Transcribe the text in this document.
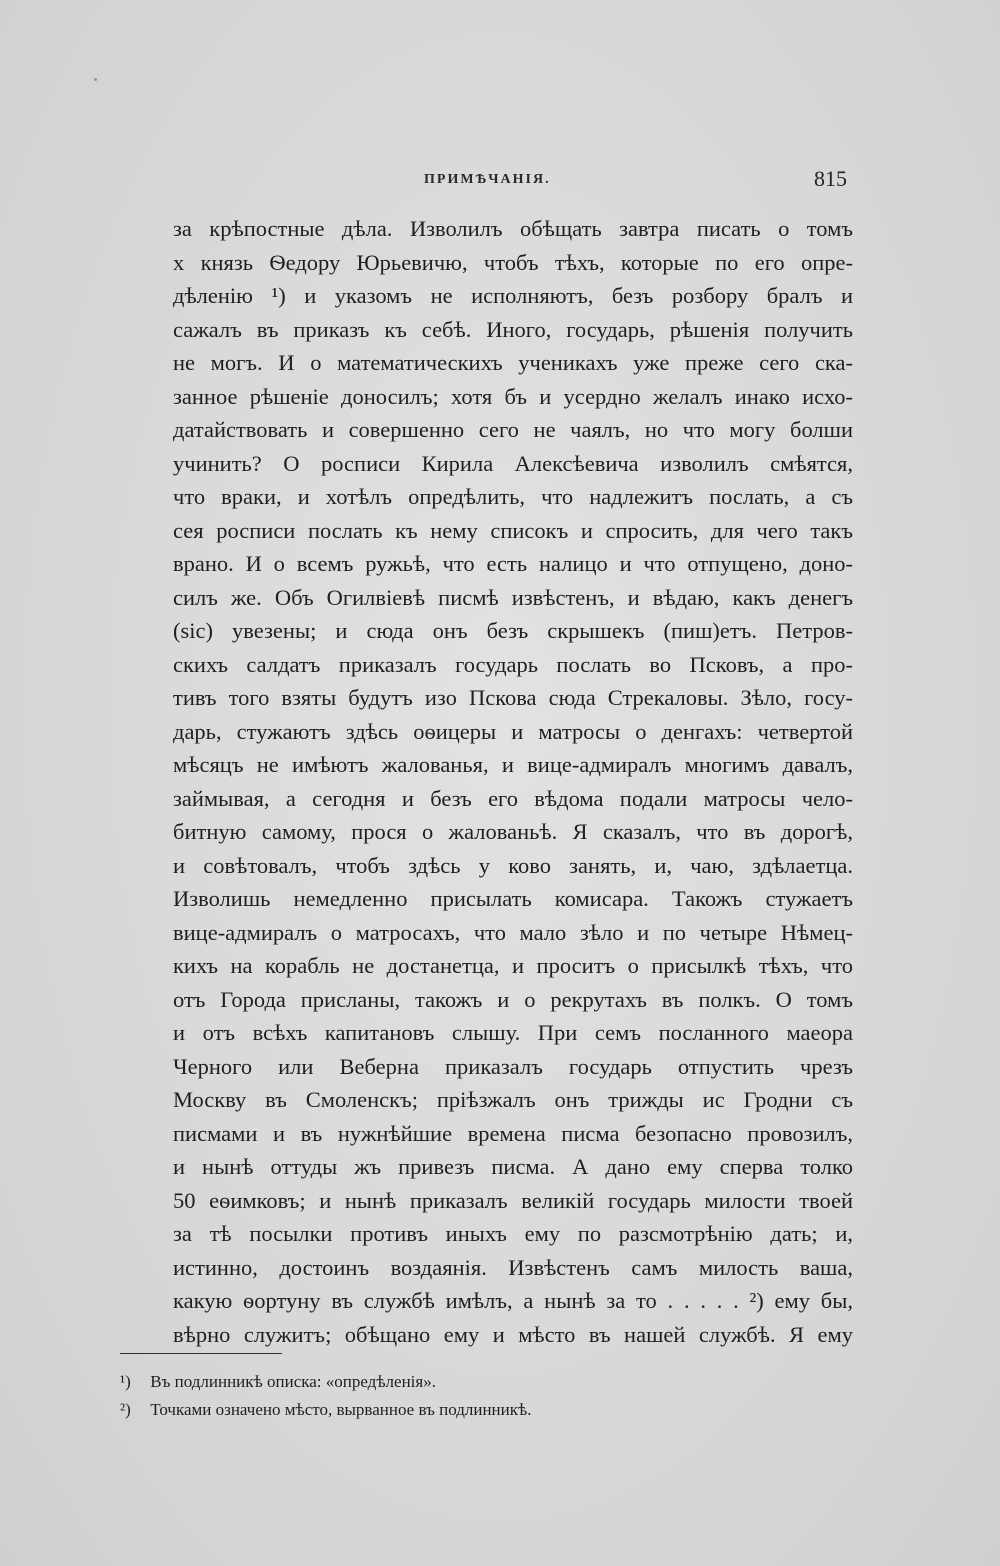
ПРИМѢЧАНІЯ.	815
за крѣпостные дѣла. Изволилъ обѣщать завтра писать о томъ
х князь Ѳедору Юрьевичю, чтобъ тѣхъ, которые по его опре-
дѣленію ¹) и указомъ не исполняютъ, безъ розбору бралъ и
сажалъ въ приказъ къ себѣ. Иного, государь, рѣшенія получить
не могъ. И о математическихъ ученикахъ уже преже сего ска-
занное рѣшеніе доносилъ; хотя бъ и усердно желалъ инако исхо-
датайствовать и совершенно сего не чаялъ, но что могу болши
учинить? О росписи Кирила Алексѣевича изволилъ смѣятся,
что враки, и хотѣлъ опредѣлить, что надлежитъ послать, а съ
сея росписи послать къ нему списокъ и спросить, для чего такъ
врано. И о всемъ ружьѣ, что есть налицо и что отпущено, доно-
силъ же. Объ Огилвіевѣ писмѣ извѣстенъ, и вѣдаю, какъ денегъ
(sic) увезены; и сюда онъ безъ скрышекъ (пиш)етъ. Петров-
скихъ салдатъ приказалъ государь послать во Псковъ, а про-
тивъ того взяты будутъ изо Пскова сюда Стрекаловы. Зѣло, госу-
дарь, стужаютъ здѣсь оѳицеры и матросы о денгахъ: четвертой
мѣсяцъ не имѣютъ жалованья, и вице-адмиралъ многимъ давалъ,
займывая, а сегодня и безъ его вѣдома подали матросы чело-
битную самому, прося о жалованьѣ. Я сказалъ, что въ дорогѣ,
и совѣтовалъ, чтобъ здѣсь у ково занять, и, чаю, здѣлаетца.
Изволишь немедленно присылать комисара. Такожъ стужаетъ
вице-адмиралъ о матросахъ, что мало зѣло и по четыре Нѣмец-
кихъ на корабль не достанетца, и проситъ о присылкѣ тѣхъ, что
отъ Города присланы, такожъ и о рекрутахъ въ полкъ. О томъ
и отъ всѣхъ капитановъ слышу. При семъ посланного маеора
Черного или Веберна приказалъ государь отпустить чрезъ
Москву въ Смоленскъ; пріѣзжалъ онъ трижды ис Гродни съ
писмами и въ нужнѣйшие времена писма безопасно провозилъ,
и нынѣ оттуды жъ привезъ писма. А дано ему сперва толко
50 еѳимковъ; и нынѣ приказалъ великій государь милости твоей
за тѣ посылки противъ иныхъ ему по разсмотрѣнію дать; и,
истинно, достоинъ воздаянія. Извѣстенъ самъ милость ваша,
какую ѳортуну въ службѣ имѣлъ, а нынѣ за то . . . . . ²) ему бы,
вѣрно служитъ; обѣщано ему и мѣсто въ нашей службѣ. Я ему
¹) Въ подлинникѣ описка: «опредѣленія».
²) Точками означено мѣсто, вырванное въ подлинникѣ.
